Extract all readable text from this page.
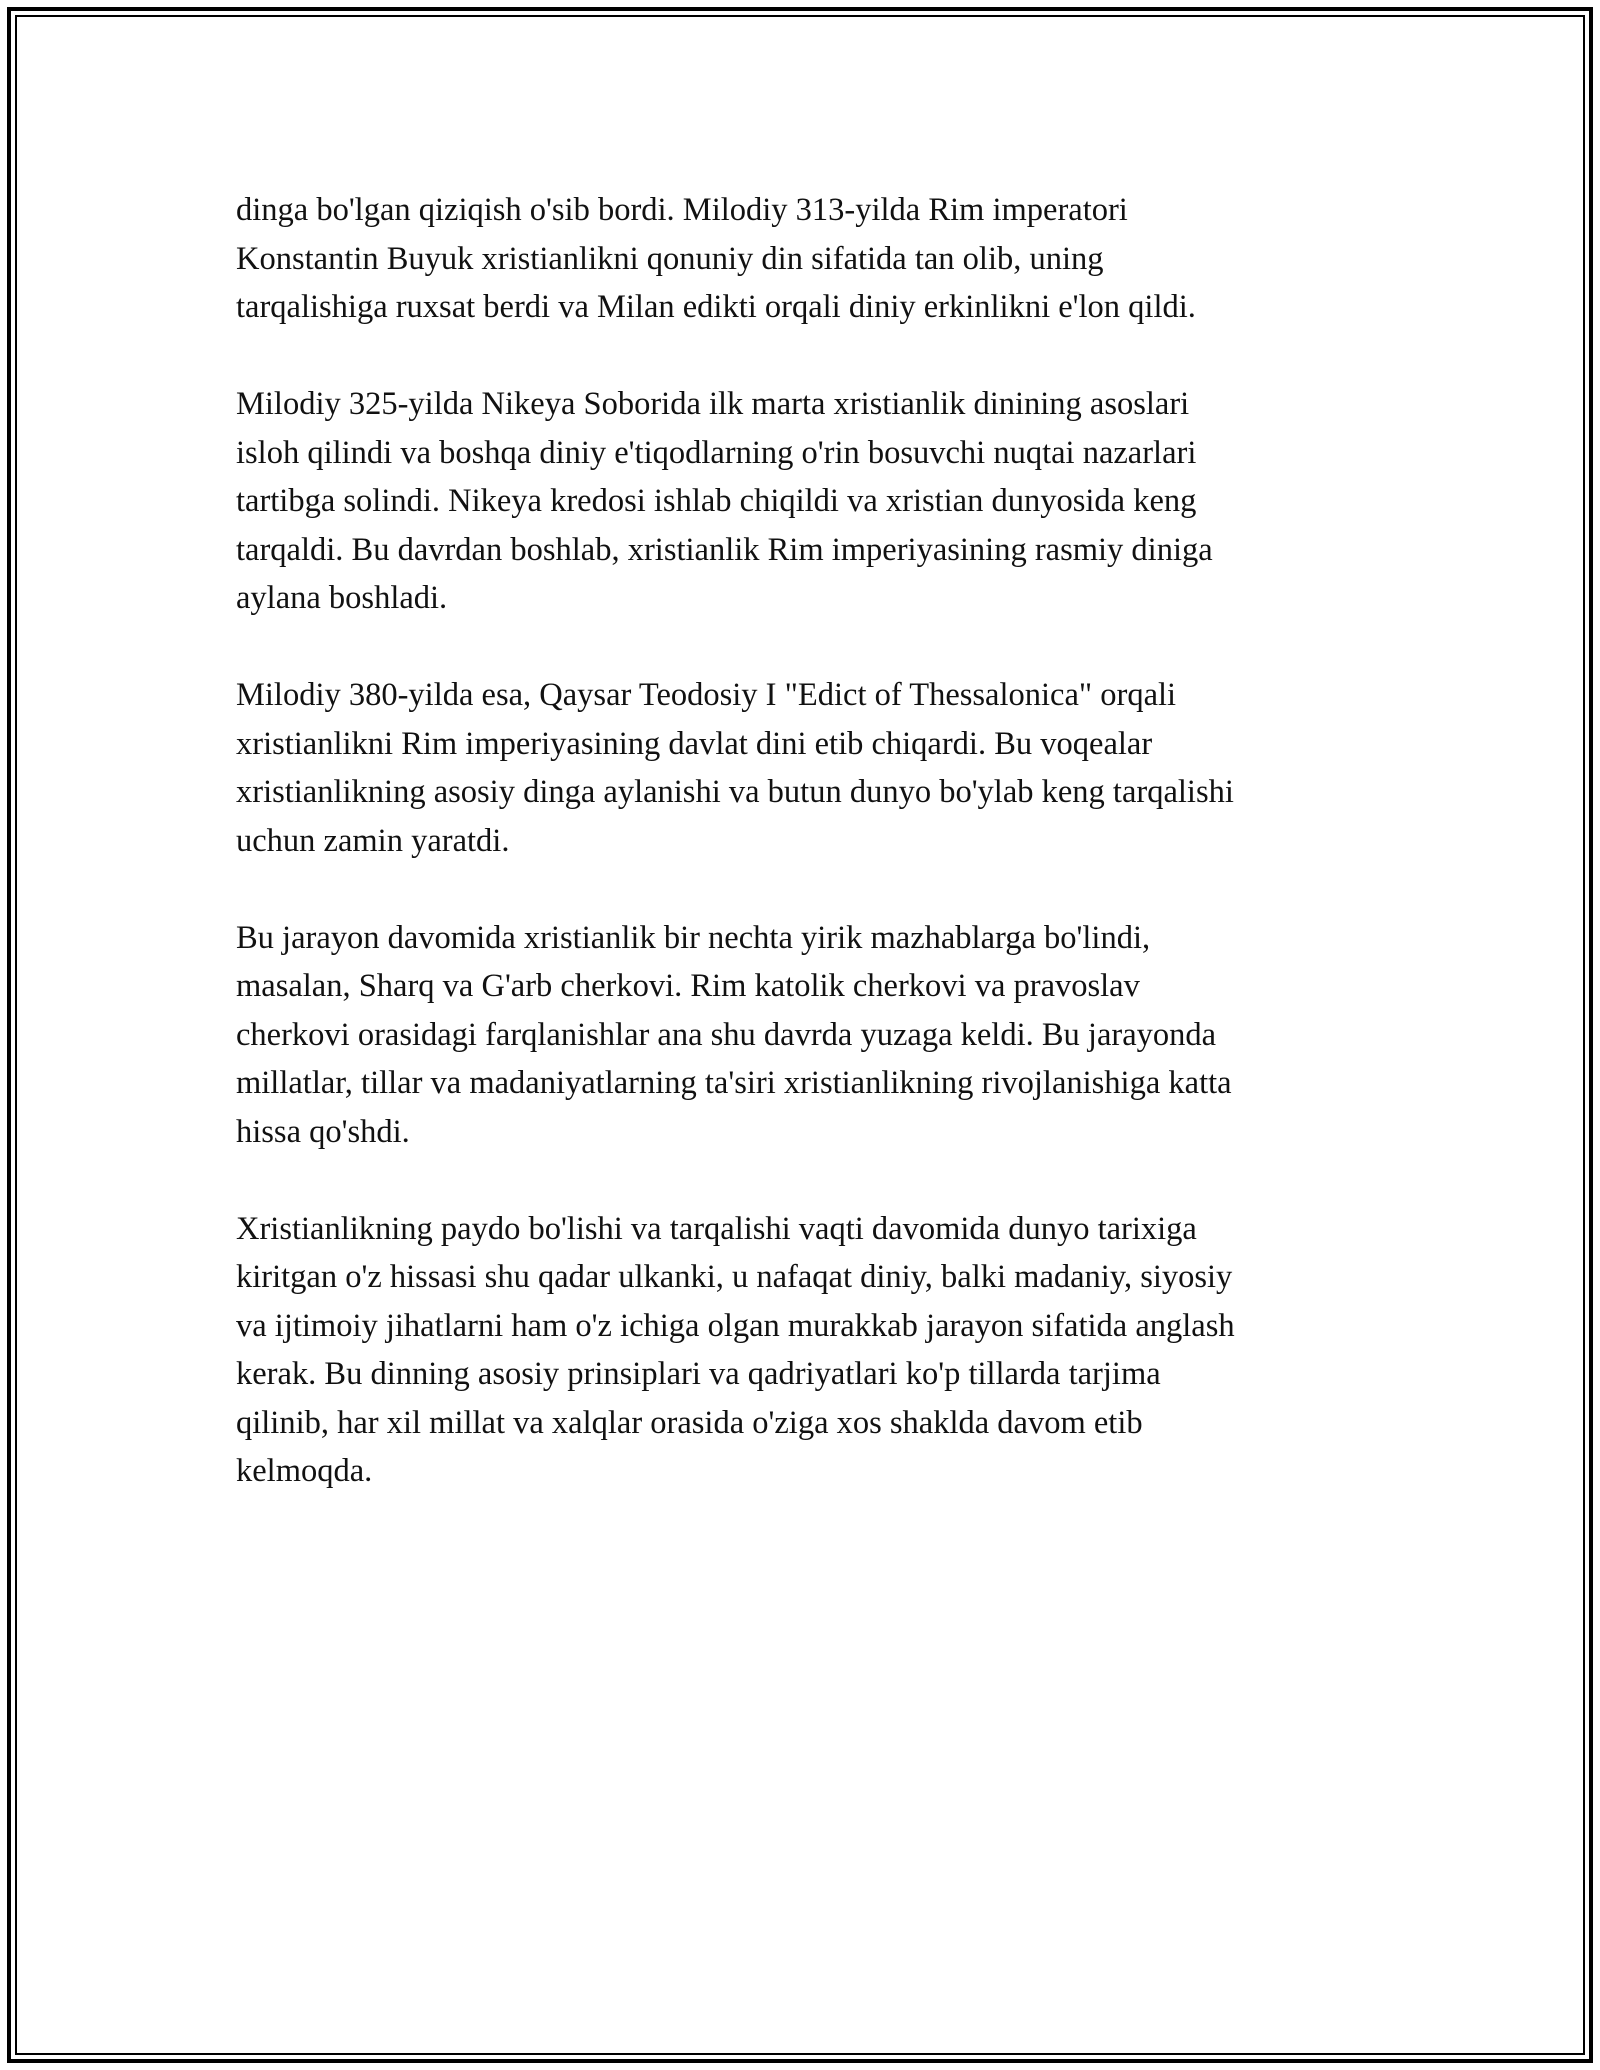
dinga bo'lgan qiziqish o'sib bordi. Milodiy 313-yilda Rim imperatori
Konstantin Buyuk xristianlikni qonuniy din sifatida tan olib, uning
tarqalishiga ruxsat berdi va Milan edikti orqali diniy erkinlikni e'lon qildi.

Milodiy 325-yilda Nikeya Soborida ilk marta xristianlik dinining asoslari
isloh qilindi va boshqa diniy e'tiqodlarning o'rin bosuvchi nuqtai nazarlari
tartibga solindi. Nikeya kredosi ishlab chiqildi va xristian dunyosida keng
tarqaldi. Bu davrdan boshlab, xristianlik Rim imperiyasining rasmiy diniga
aylana boshladi.

Milodiy 380-yilda esa, Qaysar Teodosiy I "Edict of Thessalonica" orqali
xristianlikni Rim imperiyasining davlat dini etib chiqardi. Bu voqealar
xristianlikning asosiy dinga aylanishi va butun dunyo bo'ylab keng tarqalishi
uchun zamin yaratdi.

Bu jarayon davomida xristianlik bir nechta yirik mazhablarga bo'lindi,
masalan, Sharq va G'arb cherkovi. Rim katolik cherkovi va pravoslav
cherkovi orasidagi farqlanishlar ana shu davrda yuzaga keldi. Bu jarayonda
millatlar, tillar va madaniyatlarning ta'siri xristianlikning rivojlanishiga katta
hissa qo'shdi.

Xristianlikning paydo bo'lishi va tarqalishi vaqti davomida dunyo tarixiga
kiritgan o'z hissasi shu qadar ulkanki, u nafaqat diniy, balki madaniy, siyosiy
va ijtimoiy jihatlarni ham o'z ichiga olgan murakkab jarayon sifatida anglash
kerak. Bu dinning asosiy prinsiplari va qadriyatlari ko'p tillarda tarjima
qilinib, har xil millat va xalqlar orasida o'ziga xos shaklda davom etib
kelmoqda.
